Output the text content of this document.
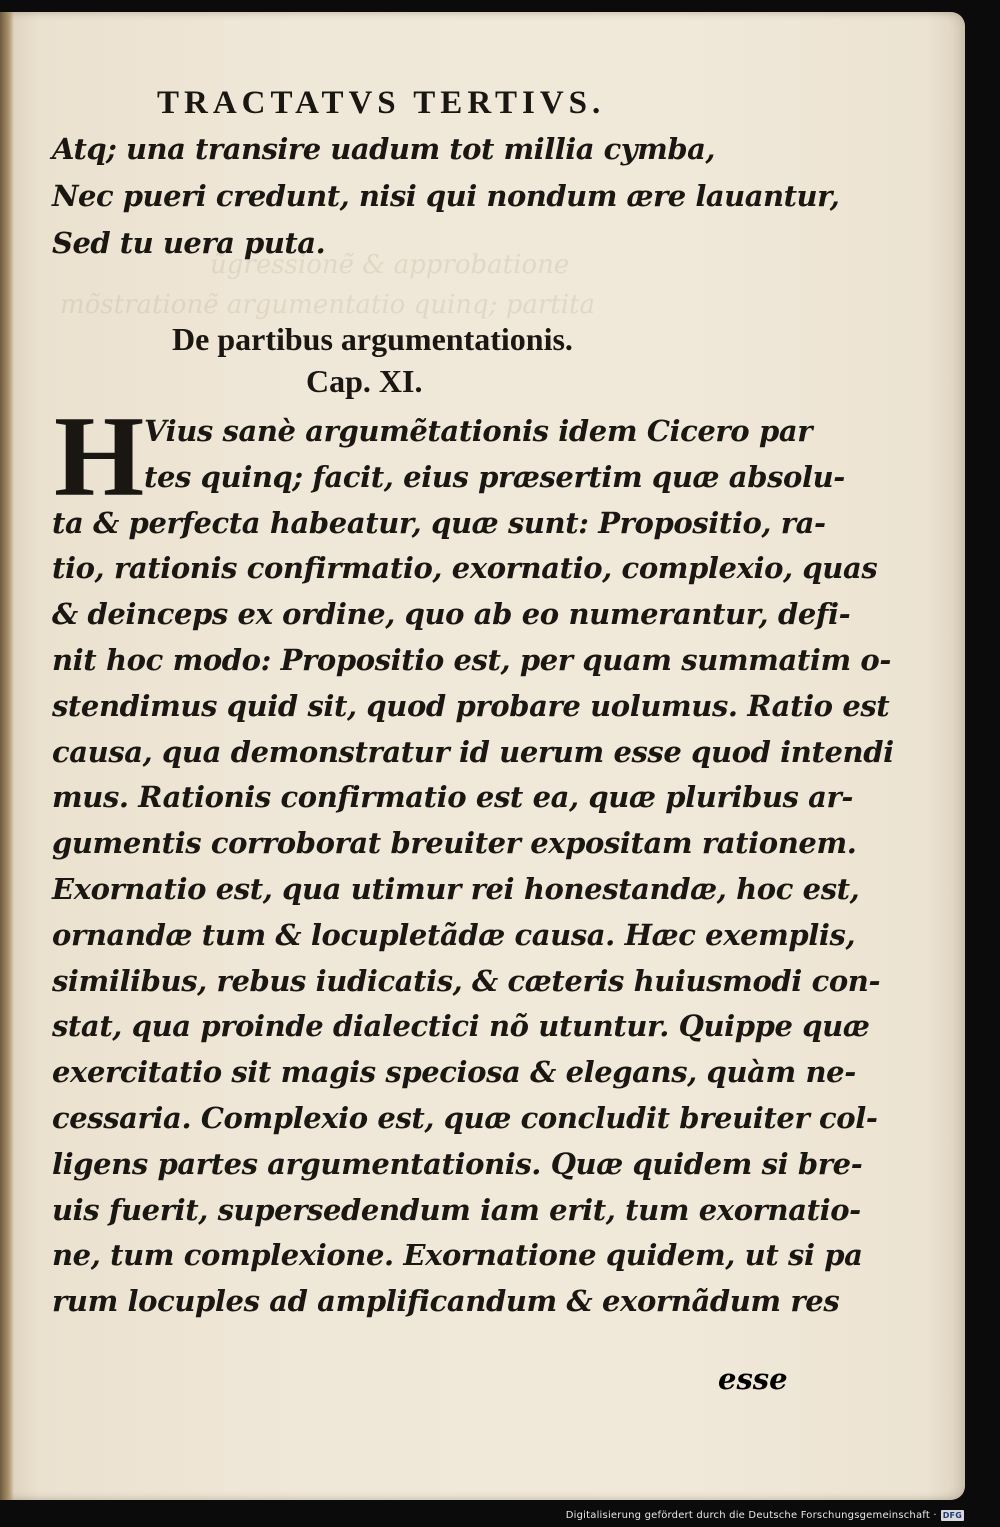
ũgressionẽ & approbatione
mõstrationẽ argumentatio quinq; partita
TRACTATVS TERTIVS.
Atq; una transire uadum tot millia cymba,
Nec pueri credunt, nisi qui nondum ære lauantur,
Sed tu uera puta.
De partibus argumentationis.
Cap. XI.
H Vius sanè argumẽtationis idem Cicero par
tes quinq; facit, eius præsertim quæ absolu-
ta & perfecta habeatur, quæ sunt: Propositio, ra-
tio, rationis confirmatio, exornatio, complexio, quas
& deinceps ex ordine, quo ab eo numerantur, defi-
nit hoc modo: Propositio est, per quam summatim o-
stendimus quid sit, quod probare uolumus. Ratio est
causa, qua demonstratur id uerum esse quod intendi
mus. Rationis confirmatio est ea, quæ pluribus ar-
gumentis corroborat breuiter expositam rationem.
Exornatio est, qua utimur rei honestandæ, hoc est,
ornandæ tum & locupletãdæ causa. Hæc exemplis,
similibus, rebus iudicatis, & cæteris huiusmodi con-
stat, qua proinde dialectici nõ utuntur. Quippe quæ
exercitatio sit magis speciosa & elegans, quàm ne-
cessaria. Complexio est, quæ concludit breuiter col-
ligens partes argumentationis. Quæ quidem si bre-
uis fuerit, supersedendum iam erit, tum exornatio-
ne, tum complexione. Exornatione quidem, ut si pa
rum locuples ad amplificandum & exornãdum res
esse
Digitalisierung gefördert durch die Deutsche Forschungsgemeinschaft · DFG
